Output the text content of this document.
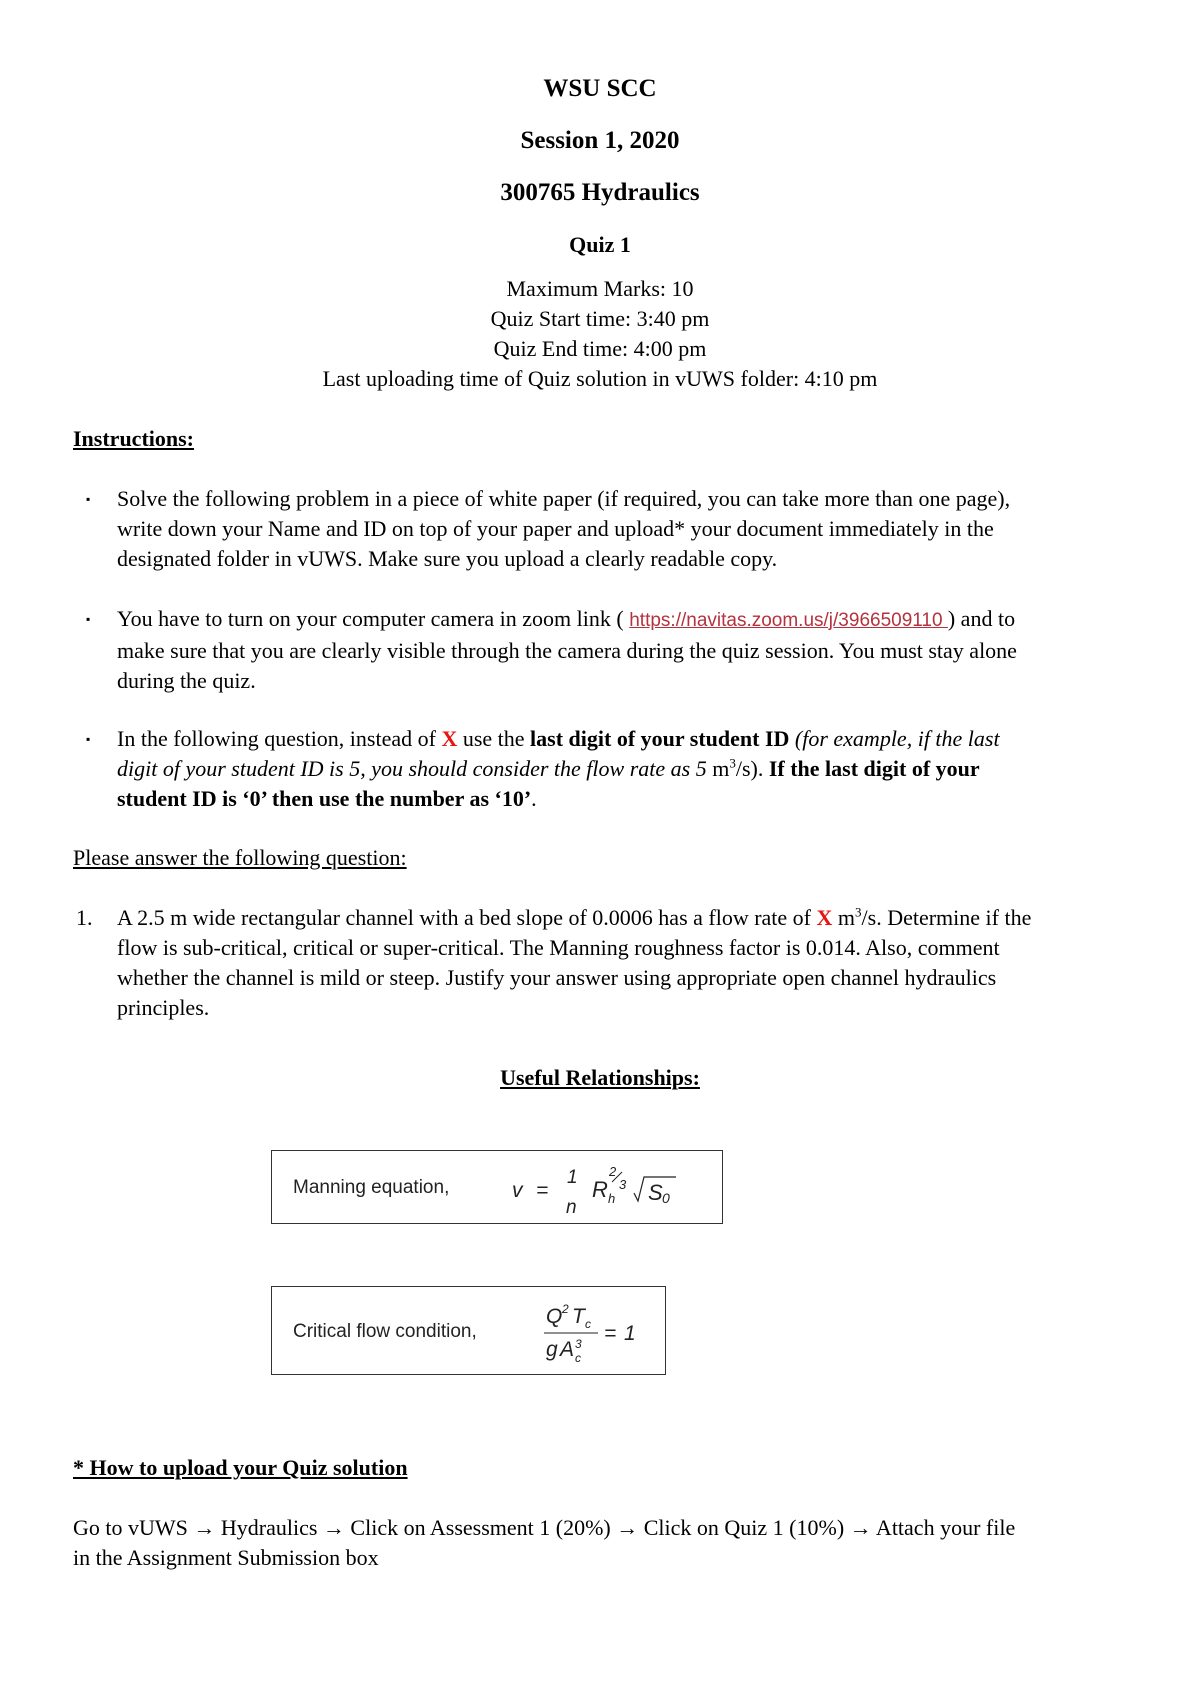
WSU SCC
Session 1, 2020
300765 Hydraulics
Quiz 1
Maximum Marks: 10
Quiz Start time: 3:40 pm
Quiz End time: 4:00 pm
Last uploading time of Quiz solution in vUWS folder: 4:10 pm
Instructions:
▪ Solve the following problem in a piece of white paper (if required, you can take more than one page),
write down your Name and ID on top of your paper and upload* your document immediately in the
designated folder in vUWS. Make sure you upload a clearly readable copy.
▪ You have to turn on your computer camera in zoom link ( https://navitas.zoom.us/j/3966509110 ) and to
make sure that you are clearly visible through the camera during the quiz session. You must stay alone
during the quiz.
▪ In the following question, instead of X use the last digit of your student ID (for example, if the last
digit of your student ID is 5, you should consider the flow rate as 5 $m^3/s$). If the last digit of your
student ID is ‘0’ then use the number as ‘10’.
Please answer the following question:
1. A 2.5 m wide rectangular channel with a bed slope of 0.0006 has a flow rate of X $m^3/s$. Determine if the
flow is sub-critical, critical or super-critical. The Manning roughness factor is 0.014. Also, comment
whether the channel is mild or steep. Justify your answer using appropriate open channel hydraulics
principles.
Useful Relationships:
Manning equation,	v =
1
n
R h
2
3 S 0
Critical flow condition,
Q 2 T c
g A 3
c
= 1
* How to upload your Quiz solution
Go to vUWS → Hydraulics → Click on Assessment 1 (20%) → Click on Quiz 1 (10%) → Attach your file
in the Assignment Submission box
